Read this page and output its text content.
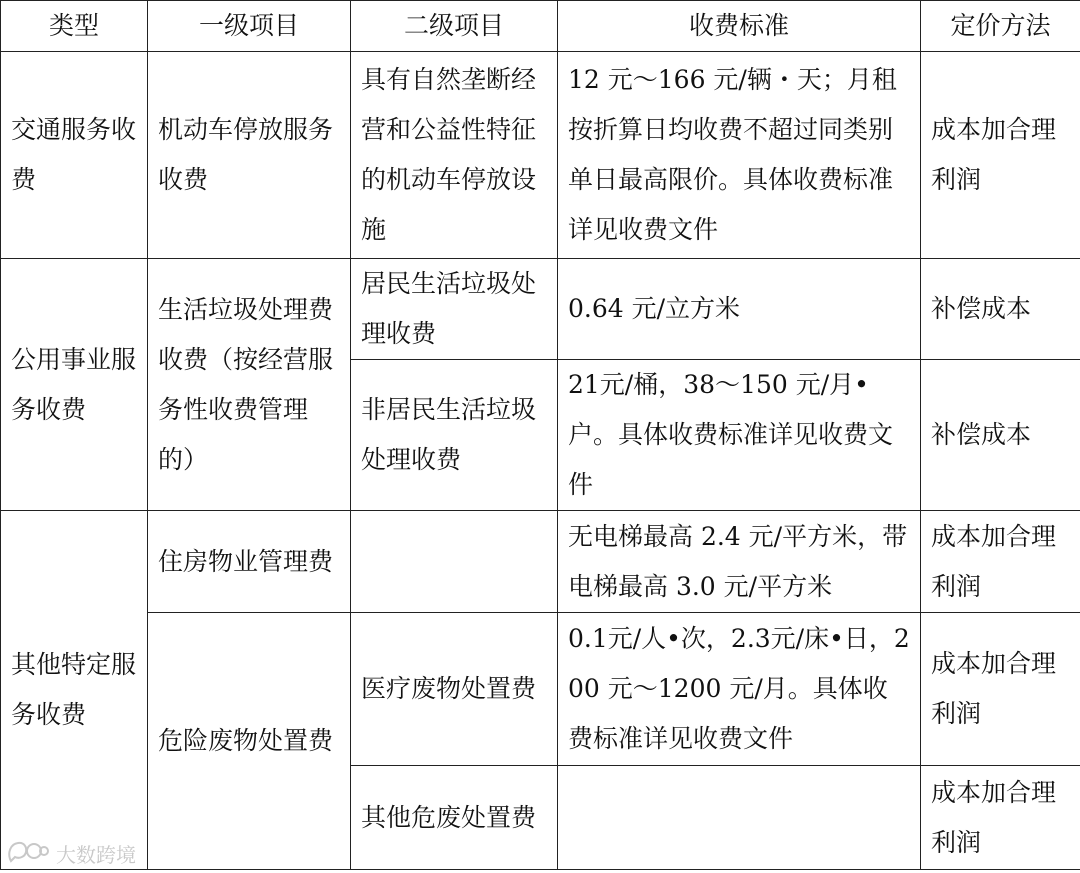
类型	一级项目	二级项目	收费标准	定价方法
交通服务收费	机动车停放服务收费	具有自然垄断经营和公益性特征的机动车停放设施	12 元～166 元/辆・天；月租按折算日均收费不超过同类别单日最高限价。具体收费标准详见收费文件	成本加合理利润
公用事业服务收费	生活垃圾处理费收费（按经营服务性收费管理的）	居民生活垃圾处理收费	0.64 元/立方米	补偿成本
		非居民生活垃圾处理收费	21元/桶，38～150 元/月•户。具体收费标准详见收费文件	补偿成本
其他特定服务收费	住房物业管理费		无电梯最高 2.4 元/平方米，带电梯最高 3.0 元/平方米	成本加合理利润
	危险废物处置费	医疗废物处置费	0.1元/人•次，2.3元/床•日，200 元～1200 元/月。具体收费标准详见收费文件	成本加合理利润
		其他危废处置费		成本加合理利润
大数跨境
